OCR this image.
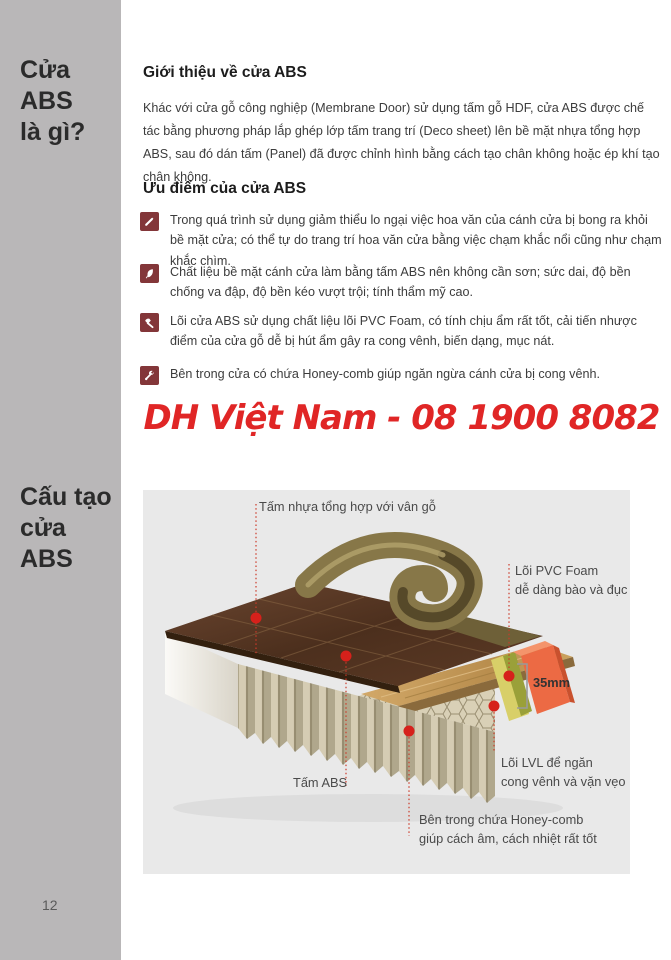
Cửa ABS
là gì?
Cấu tạo
cửa ABS
12
Giới thiệu về cửa ABS

Khác với cửa gỗ công nghiệp (Membrane Door) sử dụng tấm gỗ HDF, cửa ABS được chế tác bằng phương pháp lắp ghép lớp tấm trang trí (Deco sheet) lên bề mặt nhựa tổng hợp ABS, sau đó dán tấm (Panel) đã được chỉnh hình bằng cách tạo chân không hoặc ép khí tạo chân không.

Ưu điểm của cửa ABS

Trong quá trình sử dụng giảm thiểu lo ngại việc hoa văn của cánh cửa bị bong ra khỏi bề mặt cửa; có thể tự do trang trí hoa văn cửa bằng việc chạm khắc nổi cũng như chạm khắc chìm.

Chất liệu bề mặt cánh cửa làm bằng tấm ABS nên không cần sơn; sức dai, độ bền chống va đập, độ bền kéo vượt trội; tính thẩm mỹ cao.

Lõi cửa ABS sử dụng chất liệu lõi PVC Foam, có tính chịu ẩm rất tốt, cải tiến nhược điểm của cửa gỗ dễ bị hút ẩm gây ra cong vênh, biến dạng, mục nát.

Bên trong cửa có chứa Honey-comb giúp ngăn ngừa cánh cửa bị cong vênh.

DH Việt Nam - 08 1900 8082

Tấm nhựa tổng hợp với vân gỗ
Lõi PVC Foam
dễ dàng bào và đục
35mm
Lõi LVL để ngăn
cong vênh và vặn vẹo
Tấm ABS
Bên trong chứa Honey-comb
giúp cách âm, cách nhiệt rất tốt
